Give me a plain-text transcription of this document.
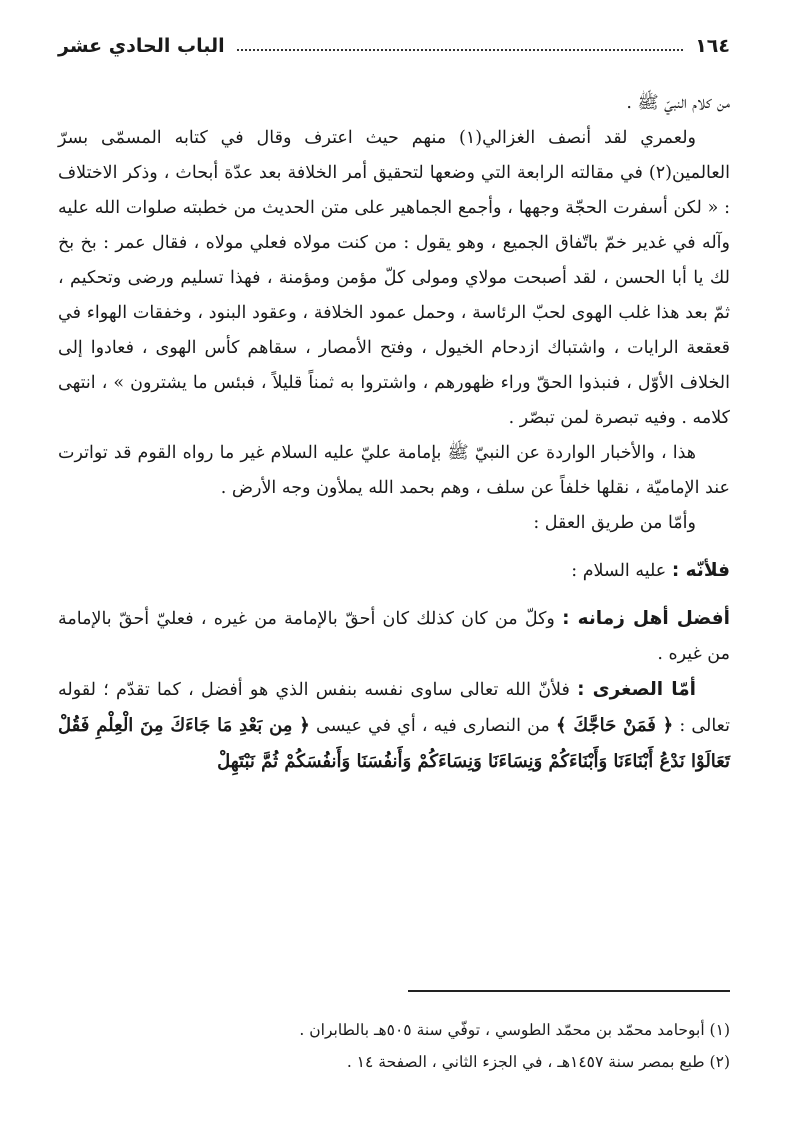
١٦٤
الباب الحادي عشر

من كلام النبيّ ﷺ .

ولعمري لقد أنصف الغزالي(١) منهم حيث اعترف وقال في كتابه المسمّى بسرّ العالمين(٢) في مقالته الرابعة التي وضعها لتحقيق أمر الخلافة بعد عدّة أبحاث ، وذكر الاختلاف : « لكن أسفرت الحجّة وجهها ، وأجمع الجماهير على متن الحديث من خطبته صلوات الله عليه وآله في غدير خمّ باتّفاق الجميع ، وهو يقول : من كنت مولاه فعلي مولاه ، فقال عمر : بخ بخ لك يا أبا الحسن ، لقد أصبحت مولاي ومولى كلّ مؤمن ومؤمنة ، فهذا تسليم ورضى وتحكيم ، ثمّ بعد هذا غلب الهوى لحبّ الرئاسة ، وحمل عمود الخلافة ، وعقود البنود ، وخفقات الهواء في قعقعة الرايات ، واشتباك ازدحام الخيول ، وفتح الأمصار ، سقاهم كأس الهوى ، فعادوا إلى الخلاف الأوّل ، فنبذوا الحقّ وراء ظهورهم ، واشتروا به ثمناً قليلاً ، فبئس ما يشترون » ، انتهى كلامه . وفيه تبصرة لمن تبصّر .

هذا ، والأخبار الواردة عن النبيّ ﷺ بإمامة عليّ عليه السلام غير ما رواه القوم قد تواترت عند الإماميّة ، نقلها خلفاً عن سلف ، وهم بحمد الله يملأون وجه الأرض .

وأمّا من طريق العقل :

فلأنّه : عليه السلام :

أفضل أهل زمانه : وكلّ من كان كذلك كان أحقّ بالإمامة من غيره ، فعليّ أحقّ بالإمامة من غيره .

أمّا الصغرى : فلأنّ الله تعالى ساوى نفسه بنفس الذي هو أفضل ، كما تقدّم ؛ لقوله تعالى : ﴿ فَمَنْ حَاجَّكَ ﴾ من النصارى فيه ، أي في عيسى ﴿ مِن بَعْدِ مَا جَاءَكَ مِنَ الْعِلْمِ فَقُلْ تَعَالَوْا نَدْعُ أَبْنَاءَنَا وَأَبْنَاءَكُمْ وَنِسَاءَنَا وَنِسَاءَكُمْ وَأَنفُسَنَا وَأَنفُسَكُمْ ثُمَّ نَبْتَهِلْ

(١) أبوحامد محمّد بن محمّد الطوسي ، توفّي سنة ٥٠٥هـ بالطابران .

(٢) طبع بمصر سنة ١٤٥٧هـ ، في الجزء الثاني ، الصفحة ١٤ .
